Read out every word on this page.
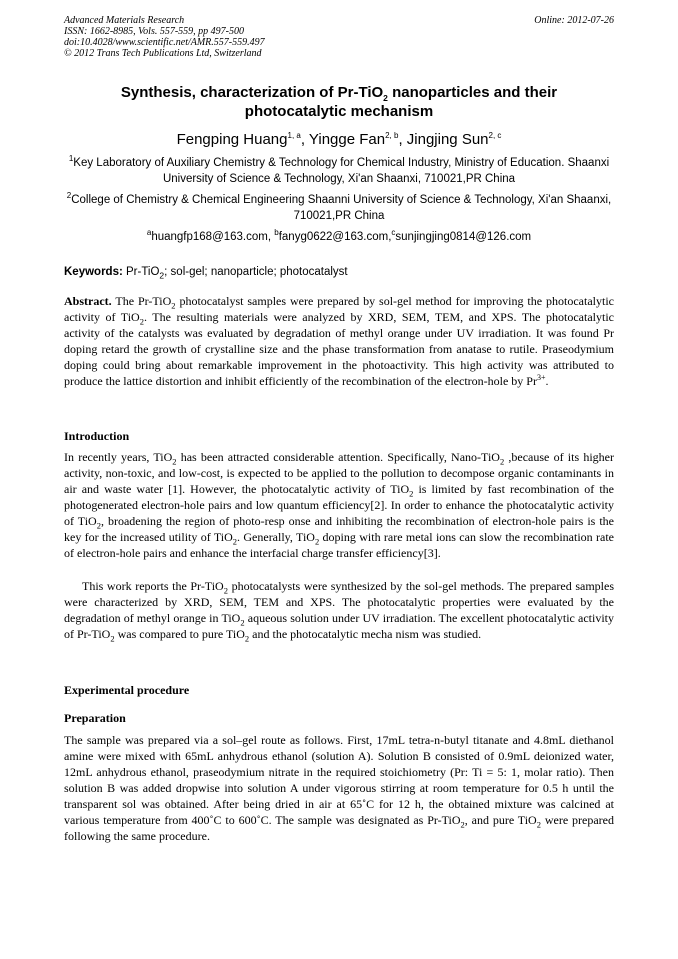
Advanced Materials Research
ISSN: 1662-8985, Vols. 557-559, pp 497-500
doi:10.4028/www.scientific.net/AMR.557-559.497
© 2012 Trans Tech Publications Ltd, Switzerland
Online: 2012-07-26
Synthesis, characterization of Pr-TiO$_2$ nanoparticles and their
photocatalytic mechanism
Fengping Huang$^{1, a}$, Yingge Fan$^{2, b}$, Jingjing Sun$^{2, c}$
$^1$Key Laboratory of Auxiliary Chemistry & Technology for Chemical Industry, Ministry of Education. Shaanxi University of Science & Technology, Xi'an Shaanxi, 710021,PR China
$^2$College of Chemistry & Chemical Engineering Shaanni University of Science & Technology, Xi'an Shaanxi, 710021,PR China
$^a$huangfp168@163.com, $^b$fanyg0622@163.com,$^c$sunjingjing0814@126.com
Keywords: Pr-TiO$_2$; sol-gel; nanoparticle; photocatalyst
Abstract. The Pr-TiO$_2$ photocatalyst samples were prepared by sol-gel method for improving the photocatalytic activity of TiO$_2$. The resulting materials were analyzed by XRD, SEM, TEM, and XPS. The photocatalytic activity of the catalysts was evaluated by degradation of methyl orange under UV irradiation. It was found Pr doping retard the growth of crystalline size and the phase transformation from anatase to rutile. Praseodymium doping could bring about remarkable improvement in the photoactivity. This high activity was attributed to produce the lattice distortion and inhibit efficiently of the recombination of the electron-hole by $Pr^{3+}$.
Introduction
In recently years, TiO$_2$ has been attracted considerable attention. Specifically, Nano-TiO$_2$ ,because of its higher activity, non-toxic, and low-cost, is expected to be applied to the pollution to decompose organic contaminants in air and waste water [1]. However, the photocatalytic activity of TiO$_2$ is limited by fast recombination of the photogenerated electron-hole pairs and low quantum efficiency[2]. In order to enhance the photocatalytic activity of TiO$_2$, broadening the region of photo-resp onse and inhibiting the recombination of electron-hole pairs is the key for the increased utility of TiO$_2$. Generally, TiO$_2$ doping with rare metal ions can slow the recombination rate of electron-hole pairs and enhance the interfacial charge transfer efficiency[3].
This work reports the Pr-TiO$_2$ photocatalysts were synthesized by the sol-gel methods. The prepared samples were characterized by XRD, SEM, TEM and XPS. The photocatalytic properties were evaluated by the degradation of methyl orange in TiO$_2$ aqueous solution under UV irradiation. The excellent photocatalytic activity of Pr-TiO$_2$ was compared to pure TiO$_2$ and the photocatalytic mecha nism was studied.
Experimental procedure
Preparation
The sample was prepared via a sol–gel route as follows. First, 17mL tetra-n-butyl titanate and 4.8mL diethanol amine were mixed with 65mL anhydrous ethanol (solution A). Solution B consisted of 0.9mL deionized water, 12mL anhydrous ethanol, praseodymium nitrate in the required stoichiometry (Pr: Ti = 5: 1, molar ratio). Then solution B was added dropwise into solution A under vigorous stirring at room temperature for 0.5 h until the transparent sol was obtained. After being dried in air at 65˚C for 12 h, the obtained mixture was calcined at various temperature from 400˚C to 600˚C. The sample was designated as Pr-TiO$_2$, and pure TiO$_2$ were prepared following the same procedure.
